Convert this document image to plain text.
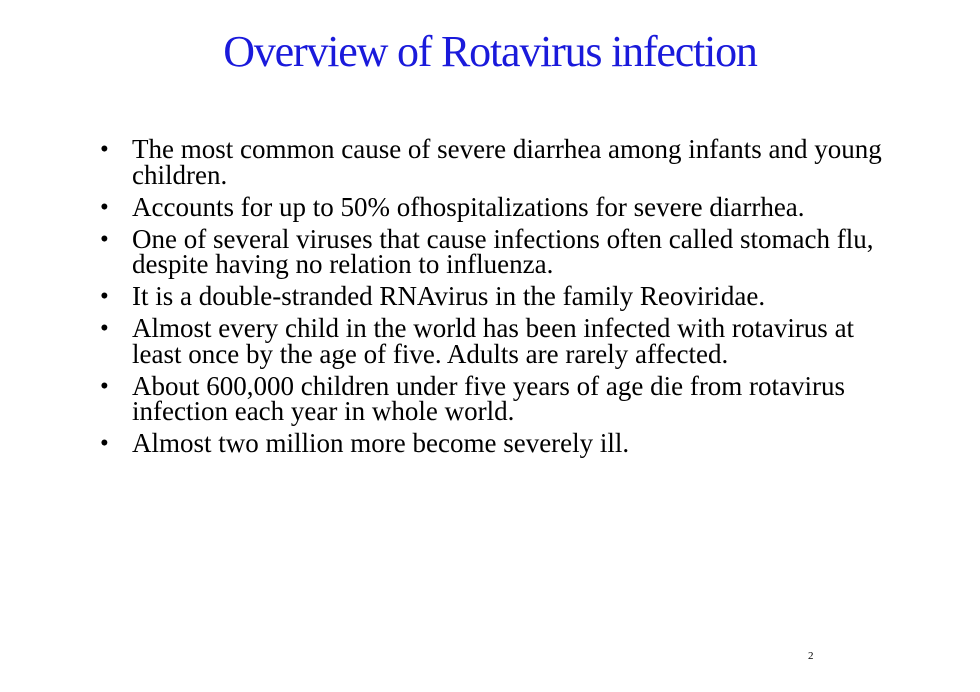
Overview of Rotavirus infection
• The most common cause of severe diarrhea among infants and young children.
• Accounts for up to 50% ofhospitalizations for severe diarrhea.
• One of several viruses that cause infections often called stomach flu, despite having no relation to influenza.
• It is a double-stranded RNAvirus in the family Reoviridae.
• Almost every child in the world has been infected with rotavirus at least once by the age of five. Adults are rarely affected.
• About 600,000 children under five years of age die from rotavirus infection each year in whole world.
• Almost two million more become severely ill.
2
